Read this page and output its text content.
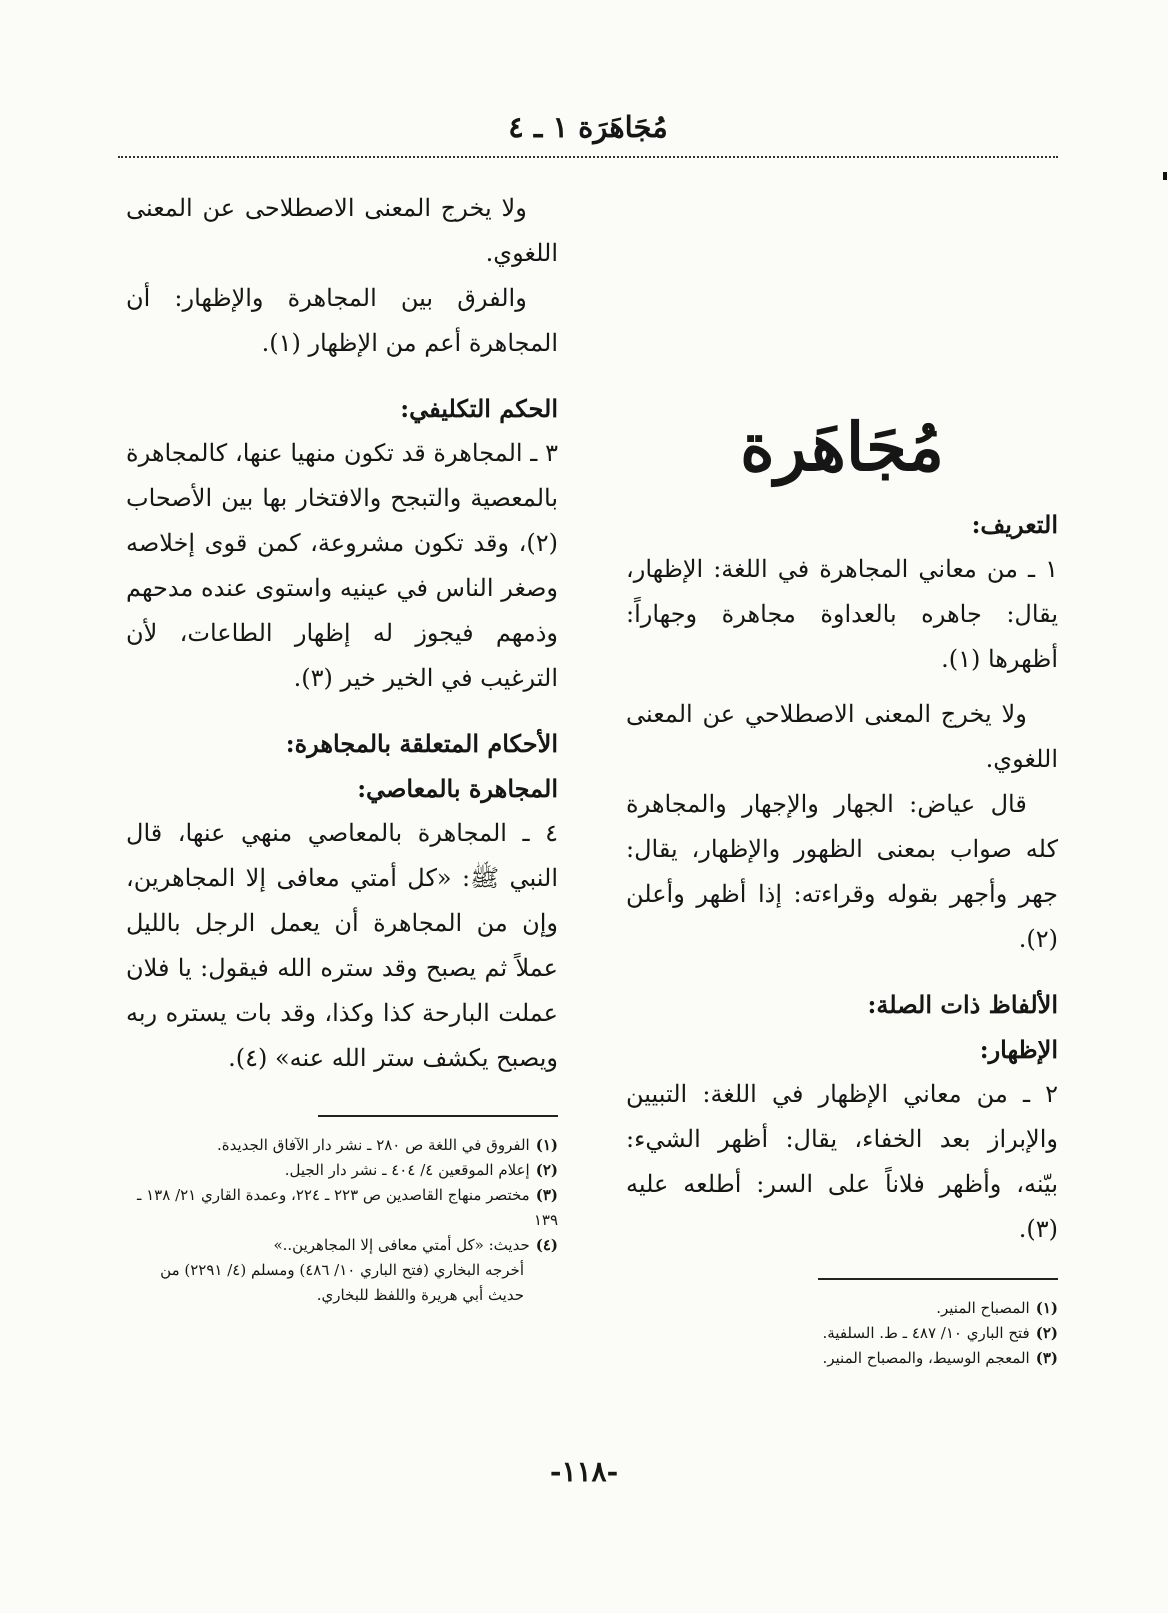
مُجَاهَرَة ١ ـ ٤

مُجَاهَرة

التعريف:

١ ـ من معاني المجاهرة في اللغة: الإظهار، يقال: جاهره بالعداوة مجاهرة وجهاراً: أظهرها (١).

ولا يخرج المعنى الاصطلاحي عن المعنى اللغوي.

قال عياض: الجهار والإجهار والمجاهرة كله صواب بمعنى الظهور والإظهار، يقال: جهر وأجهر بقوله وقراءته: إذا أظهر وأعلن (٢).

الألفاظ ذات الصلة:

الإظهار:

٢ ـ من معاني الإظهار في اللغة: التبيين والإبراز بعد الخفاء، يقال: أظهر الشيء: بيّنه، وأظهر فلاناً على السر: أطلعه عليه (٣).

(١)المصباح المنير.

(٢)فتح الباري ١٠/ ٤٨٧ ـ ط. السلفية.

(٣)المعجم الوسيط، والمصباح المنير.

ولا يخرج المعنى الاصطلاحى عن المعنى اللغوي.

والفرق بين المجاهرة والإظهار: أن المجاهرة أعم من الإظهار (١).

الحكم التكليفي:

٣ ـ المجاهرة قد تكون منهيا عنها، كالمجاهرة بالمعصية والتبجح والافتخار بها بين الأصحاب (٢)، وقد تكون مشروعة، كمن قوى إخلاصه وصغر الناس في عينيه واستوى عنده مدحهم وذمهم فيجوز له إظهار الطاعات، لأن الترغيب في الخير خير (٣).

الأحكام المتعلقة بالمجاهرة:

المجاهرة بالمعاصي:

٤ ـ المجاهرة بالمعاصي منهي عنها، قال النبي ﷺ: «كل أمتي معافى إلا المجاهرين، وإن من المجاهرة أن يعمل الرجل بالليل عملاً ثم يصبح وقد ستره الله فيقول: يا فلان عملت البارحة كذا وكذا، وقد بات يستره ربه ويصبح يكشف ستر الله عنه» (٤).

(١)الفروق في اللغة ص ٢٨٠ ـ نشر دار الآفاق الجديدة.

(٢)إعلام الموقعين ٤/ ٤٠٤ ـ نشر دار الجيل.

(٣)مختصر منهاج القاصدين ص ٢٢٣ ـ ٢٢٤، وعمدة القاري ٢١/ ١٣٨ ـ ١٣٩

(٤)حديث: «كل أمتي معافى إلا المجاهرين..»

أخرجه البخاري (فتح الباري ١٠/ ٤٨٦) ومسلم (٤/ ٢٢٩١) من حديث أبي هريرة واللفظ للبخاري.

-١١٨-
